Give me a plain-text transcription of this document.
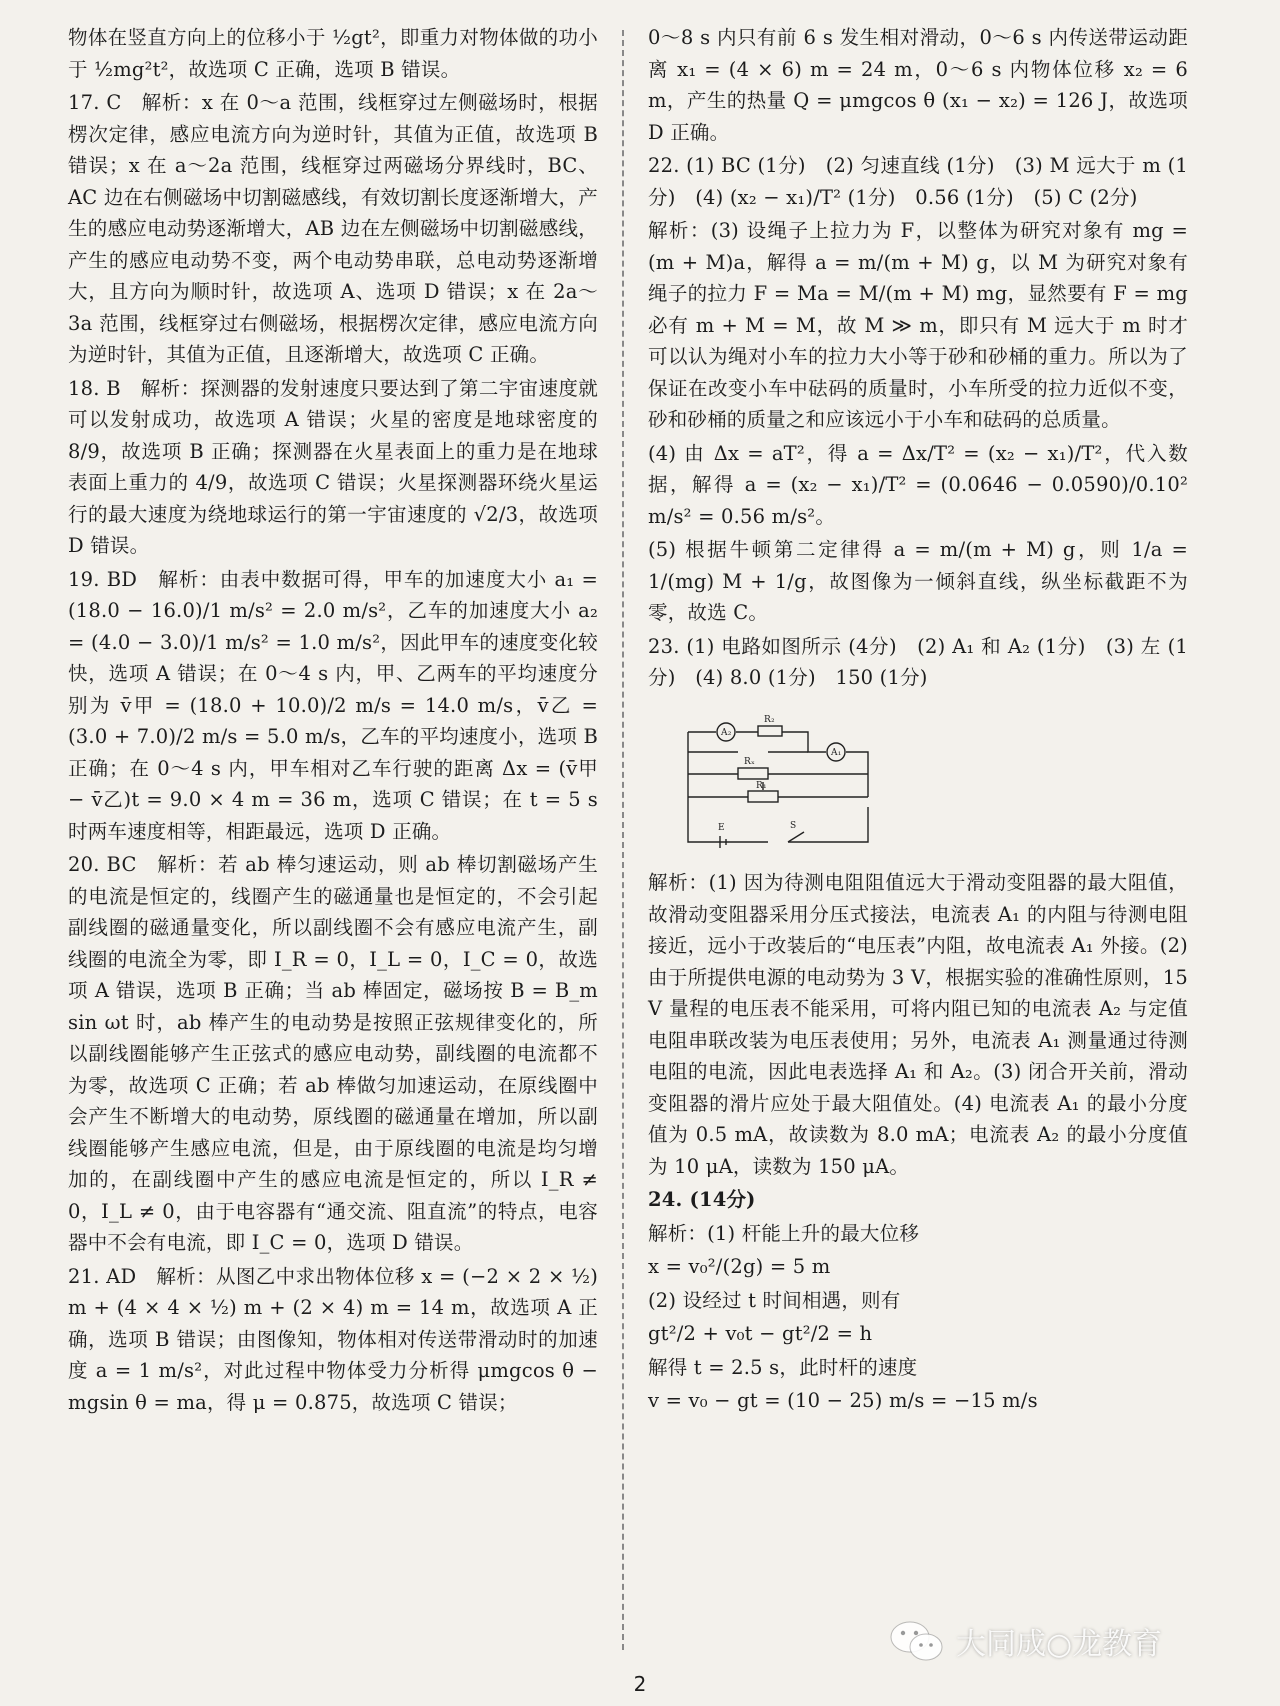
物体在竖直方向上的位移小于 ½gt²，即重力对物体做的功小于 ½mg²t²，故选项 C 正确，选项 B 错误。

17. C　解析：x 在 0～a 范围，线框穿过左侧磁场时，根据楞次定律，感应电流方向为逆时针，其值为正值，故选项 B 错误；x 在 a～2a 范围，线框穿过两磁场分界线时，BC、AC 边在右侧磁场中切割磁感线，有效切割长度逐渐增大，产生的感应电动势逐渐增大，AB 边在左侧磁场中切割磁感线，产生的感应电动势不变，两个电动势串联，总电动势逐渐增大，且方向为顺时针，故选项 A、选项 D 错误；x 在 2a～3a 范围，线框穿过右侧磁场，根据楞次定律，感应电流方向为逆时针，其值为正值，且逐渐增大，故选项 C 正确。

18. B　解析：探测器的发射速度只要达到了第二宇宙速度就可以发射成功，故选项 A 错误；火星的密度是地球密度的 8/9，故选项 B 正确；探测器在火星表面上的重力是在地球表面上重力的 4/9，故选项 C 错误；火星探测器环绕火星运行的最大速度为绕地球运行的第一宇宙速度的 √2/3，故选项 D 错误。

19. BD　解析：由表中数据可得，甲车的加速度大小 a₁ = (18.0 − 16.0)/1 m/s² = 2.0 m/s²，乙车的加速度大小 a₂ = (4.0 − 3.0)/1 m/s² = 1.0 m/s²，因此甲车的速度变化较快，选项 A 错误；在 0～4 s 内，甲、乙两车的平均速度分别为 v̄甲 = (18.0 + 10.0)/2 m/s = 14.0 m/s，v̄乙 = (3.0 + 7.0)/2 m/s = 5.0 m/s，乙车的平均速度小，选项 B 正确；在 0～4 s 内，甲车相对乙车行驶的距离 Δx = (v̄甲 − v̄乙)t = 9.0 × 4 m = 36 m，选项 C 错误；在 t = 5 s 时两车速度相等，相距最远，选项 D 正确。

20. BC　解析：若 ab 棒匀速运动，则 ab 棒切割磁场产生的电流是恒定的，线圈产生的磁通量也是恒定的，不会引起副线圈的磁通量变化，所以副线圈不会有感应电流产生，副线圈的电流全为零，即 I_R = 0，I_L = 0，I_C = 0，故选项 A 错误，选项 B 正确；当 ab 棒固定，磁场按 B = B_m sin ωt 时，ab 棒产生的电动势是按照正弦规律变化的，所以副线圈能够产生正弦式的感应电动势，副线圈的电流都不为零，故选项 C 正确；若 ab 棒做匀加速运动，在原线圈中会产生不断增大的电动势，原线圈的磁通量在增加，所以副线圈能够产生感应电流，但是，由于原线圈的电流是均匀增加的，在副线圈中产生的感应电流是恒定的，所以 I_R ≠ 0，I_L ≠ 0，由于电容器有“通交流、阻直流”的特点，电容器中不会有电流，即 I_C = 0，选项 D 错误。

21. AD　解析：从图乙中求出物体位移 x = (−2 × 2 × ½) m + (4 × 4 × ½) m + (2 × 4) m = 14 m，故选项 A 正确，选项 B 错误；由图像知，物体相对传送带滑动时的加速度 a = 1 m/s²，对此过程中物体受力分析得 μmgcos θ − mgsin θ = ma，得 μ = 0.875，故选项 C 错误；

0～8 s 内只有前 6 s 发生相对滑动，0～6 s 内传送带运动距离 x₁ = (4 × 6) m = 24 m，0～6 s 内物体位移 x₂ = 6 m，产生的热量 Q = μmgcos θ (x₁ − x₂) = 126 J，故选项 D 正确。

22. (1) BC (1分)　(2) 匀速直线 (1分)　(3) M 远大于 m (1分)　(4) (x₂ − x₁)/T² (1分)　0.56 (1分)　(5) C (2分)

解析：(3) 设绳子上拉力为 F，以整体为研究对象有 mg = (m + M)a，解得 a = m/(m + M) g，以 M 为研究对象有绳子的拉力 F = Ma = M/(m + M) mg，显然要有 F = mg 必有 m + M = M，故 M ≫ m，即只有 M 远大于 m 时才可以认为绳对小车的拉力大小等于砂和砂桶的重力。所以为了保证在改变小车中砝码的质量时，小车所受的拉力近似不变，砂和砂桶的质量之和应该远小于小车和砝码的总质量。

(4) 由 Δx = aT²，得 a = Δx/T² = (x₂ − x₁)/T²，代入数据，解得 a = (x₂ − x₁)/T² = (0.0646 − 0.0590)/0.10² m/s² = 0.56 m/s²。

(5) 根据牛顿第二定律得 a = m/(m + M) g，则 1/a = 1/(mg) M + 1/g，故图像为一倾斜直线，纵坐标截距不为零，故选 C。

23. (1) 电路如图所示 (4分)　(2) A₁ 和 A₂ (1分)　(3) 左 (1分)　(4) 8.0 (1分)　150 (1分)

A₂
R₂
A₁
Rₓ
R₁
E	S

解析：(1) 因为待测电阻阻值远大于滑动变阻器的最大阻值，故滑动变阻器采用分压式接法，电流表 A₁ 的内阻与待测电阻接近，远小于改装后的“电压表”内阻，故电流表 A₁ 外接。(2) 由于所提供电源的电动势为 3 V，根据实验的准确性原则，15 V 量程的电压表不能采用，可将内阻已知的电流表 A₂ 与定值电阻串联改装为电压表使用；另外，电流表 A₁ 测量通过待测电阻的电流，因此电表选择 A₁ 和 A₂。(3) 闭合开关前，滑动变阻器的滑片应处于最大阻值处。(4) 电流表 A₁ 的最小分度值为 0.5 mA，故读数为 8.0 mA；电流表 A₂ 的最小分度值为 10 μA，读数为 150 μA。

24. (14分)

解析：(1) 杆能上升的最大位移

x = v₀²/(2g) = 5 m

(2) 设经过 t 时间相遇，则有

gt²/2 + v₀t − gt²/2 = h

解得 t = 2.5 s，此时杆的速度

v = v₀ − gt = (10 − 25) m/s = −15 m/s

大同成○龙教育
2
